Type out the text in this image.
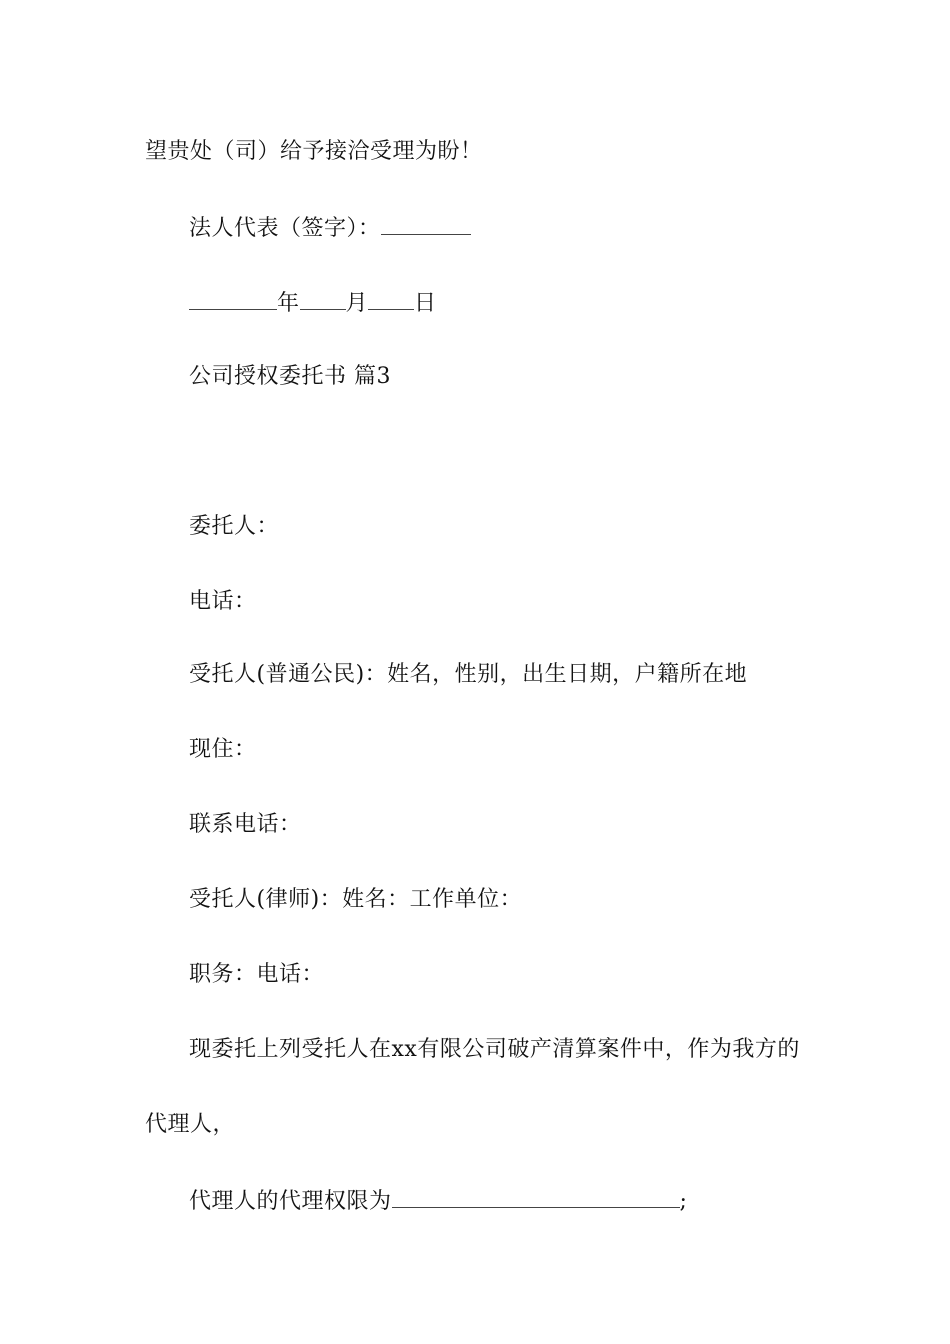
望贵处（司）给予接洽受理为盼！
法人代表（签字）：
年 月 日
公司授权委托书 篇3
委托人：
电话：
受托人(普通公民)：姓名，性别，出生日期，户籍所在地
现住：
联系电话：
受托人(律师)：姓名：工作单位：
职务：电话：
现委托上列受托人在xx有限公司破产清算案件中，作为我方的
代理人，
代理人的代理权限为	;
